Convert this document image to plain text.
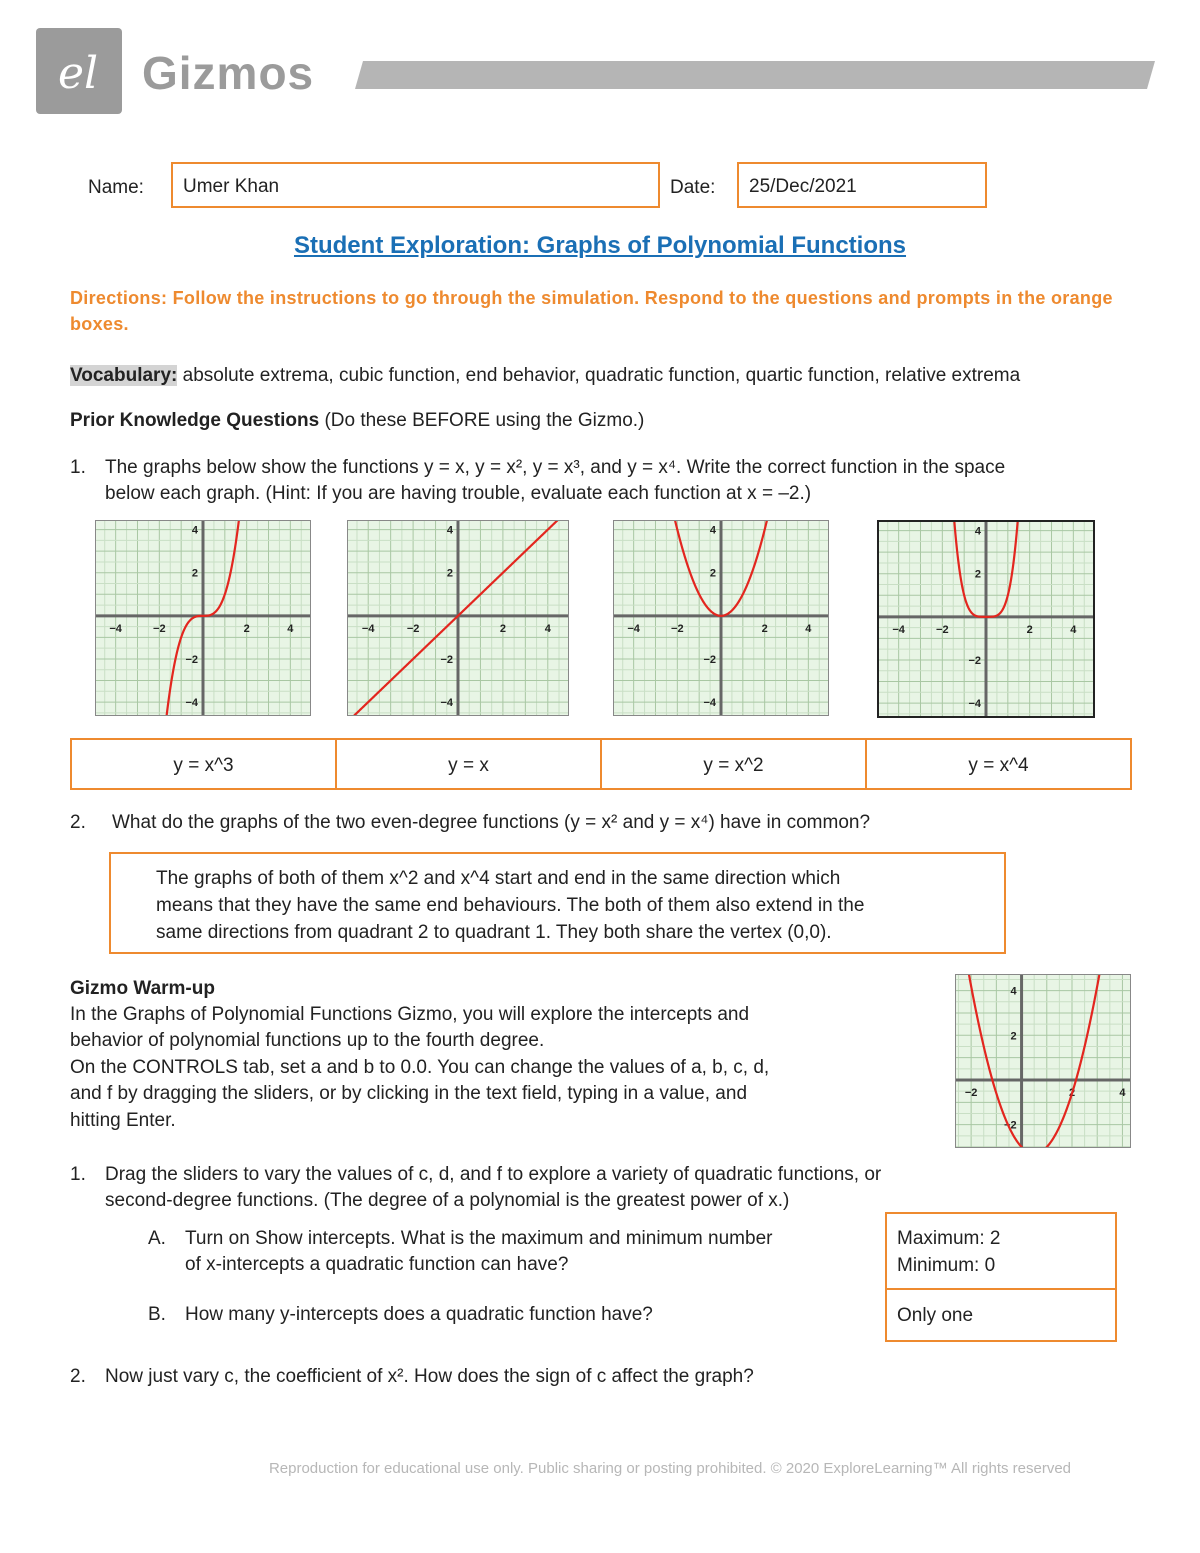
el Gizmos
Name:	Umer Khan	Date:	25/Dec/2021
Student Exploration: Graphs of Polynomial Functions
Directions: Follow the instructions to go through the simulation. Respond to the questions and prompts in the orange boxes.
Vocabulary: absolute extrema, cubic function, end behavior, quadratic function, quartic function, relative extrema
Prior Knowledge Questions (Do these BEFORE using the Gizmo.)
1. The graphs below show the functions y = x, y = x², y = x³, and y = x⁴. Write the correct function in the space
below each graph. (Hint: If you are having trouble, evaluate each function at x = –2.)
−4	−2	2	4
4
2
−2
−4
−4	−2	2	4
4
2
−2
−4
−4	−2	2	4
4
2
−2
−4
−4	−2	2	4
4
2
−2
−4
y = x^3	y = x	y = x^2	y = x^4
2. What do the graphs of the two even-degree functions (y = x² and y = x⁴) have in common?
The graphs of both of them x^2 and x^4 start and end in the same direction which
means that they have the same end behaviours. The both of them also extend in the
same directions from quadrant 2 to quadrant 1. They both share the vertex (0,0).
Gizmo Warm-up
In the Graphs of Polynomial Functions Gizmo, you will explore the intercepts and
behavior of polynomial functions up to the fourth degree.
On the CONTROLS tab, set a and b to 0.0. You can change the values of a, b, c, d,
and f by dragging the sliders, or by clicking in the text field, typing in a value, and
hitting Enter.
−2	2	4
4
2
−2
1. Drag the sliders to vary the values of c, d, and f to explore a variety of quadratic functions, or
second-degree functions. (The degree of a polynomial is the greatest power of x.)
A. Turn on Show intercepts. What is the maximum and minimum number
of x-intercepts a quadratic function can have?
Maximum: 2
Minimum: 0
B. How many y-intercepts does a quadratic function have?	Only one
2. Now just vary c, the coefficient of x². How does the sign of c affect the graph?
Reproduction for educational use only. Public sharing or posting prohibited. © 2020 ExploreLearning™ All rights reserved
